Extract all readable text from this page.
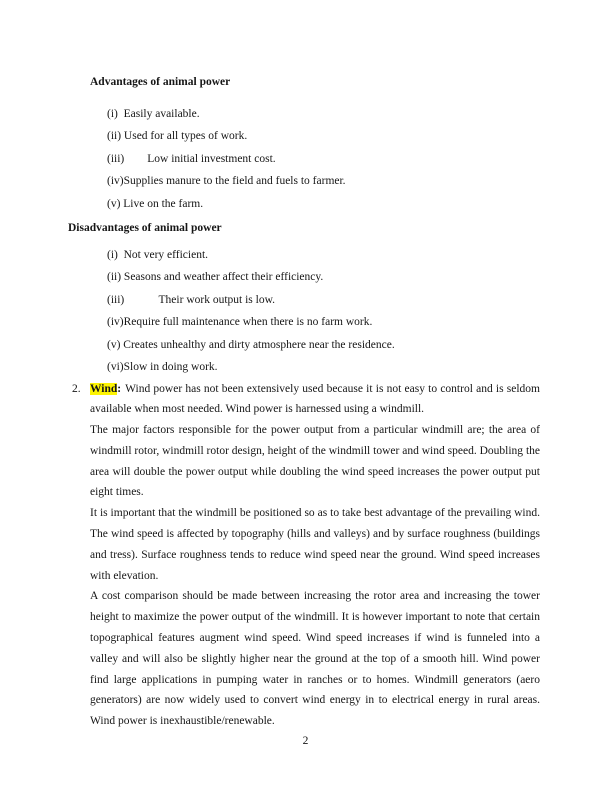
Advantages of animal power
(i)  Easily available.
(ii) Used for all types of work.
(iii)        Low initial investment cost.
(iv)Supplies manure to the field and fuels to farmer.
(v) Live on the farm.
Disadvantages of animal power
(i)  Not very efficient.
(ii) Seasons and weather affect their efficiency.
(iii)            Their work output is low.
(iv)Require full maintenance when there is no farm work.
(v) Creates unhealthy and dirty atmosphere near the residence.
(vi)Slow in doing work.
2. Wind: Wind power has not been extensively used because it is not easy to control and is seldom available when most needed. Wind power is harnessed using a windmill.

The major factors responsible for the power output from a particular windmill are; the area of windmill rotor, windmill rotor design, height of the windmill tower and wind speed. Doubling the area will double the power output while doubling the wind speed increases the power output put eight times.

It is important that the windmill be positioned so as to take best advantage of the prevailing wind. The wind speed is affected by topography (hills and valleys) and by surface roughness (buildings and tress). Surface roughness tends to reduce wind speed near the ground. Wind speed increases with elevation.

A cost comparison should be made between increasing the rotor area and increasing the tower height to maximize the power output of the windmill. It is however important to note that certain topographical features augment wind speed. Wind speed increases if wind is funneled into a valley and will also be slightly higher near the ground at the top of a smooth hill. Wind power find large applications in pumping water in ranches or to homes. Windmill generators (aero generators) are now widely used to convert wind energy in to electrical energy in rural areas. Wind power is inexhaustible/renewable.

2
